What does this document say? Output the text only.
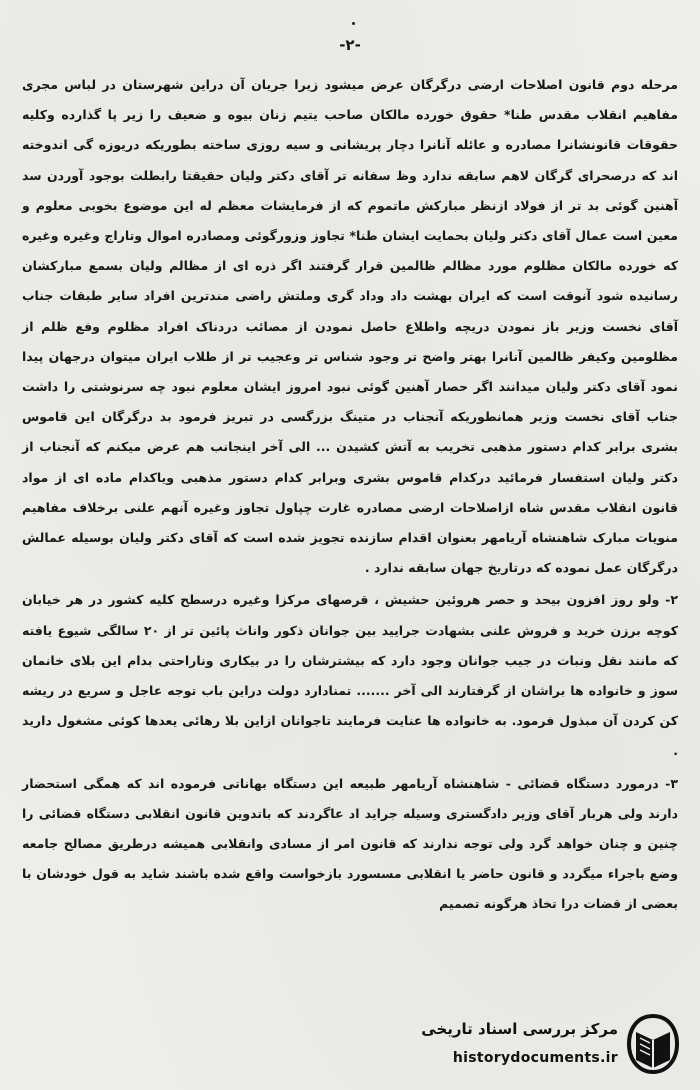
-۲-

مرحله دوم قانون اصلاحات ارضی درگرگان عرض میشود زیرا جریان آن دراین شهرستان در لباس مجری مفاهیم انقلاب مقدس طنا* حقوق خورده مالکان صاحب یتیم زنان بیوه و ضعیف را زیر پا گذارده وکلیه حقوقات قانونشانرا مصادره و عائله آنانرا دچار پریشانی و سیه روزی ساخته بطوریکه دریوزه گی اندوخته اند که درصحرای گرگان لاهم سابقه ندارد وظ سفانه تر آقای دکتر ولیان حقیقتا رابطلت بوجود آوردن سد آهنین گوئی بد تر از فولاد ازنظر مبارکش ماتموم که از فرمایشات معظم له این موضوع بخوبی معلوم و معین است عمال آقای دکتر ولیان بحمایت ایشان طنا* تجاوز وزورگوئی ومصادره اموال وتاراج وغیره وغیره که خورده مالکان مظلوم مورد مظالم ظالمین قرار گرفتند اگر ذره ای از مظالم ولیان بسمع مبارکشان رسانیده شود آنوقت است که ایران بهشت داد وداد گری وملتش راضی مندترین افراد سایر طبقات جناب آقای نخست وزیر باز نمودن دریچه واطلاع حاصل نمودن از مصائب دردناک افراد مظلوم وفع ظلم از مظلومین وکیفر ظالمین آنانرا بهتر واضح تر وجود شناس تر وعجیب تر از طلاب ایران میتوان درجهان پیدا نمود آقای دکتر ولیان میدانند اگر حصار آهنین گوئی نبود امروز ایشان معلوم نبود چه سرنوشتی را داشت جناب آقای نخست وزیر همانطوریکه آنجناب در متینگ بزرگسی در تبریز فرمود بد درگرگان این قاموس بشری برابر کدام دستور مذهبی تخریب به آتش کشیدن ... الی آخر اینجانب هم عرض میکنم که آنجناب از دکتر ولیان استفسار فرمائید درکدام قاموس بشری وبرابر کدام دستور مذهبی ویاکدام ماده ای از مواد قانون انقلاب مقدس شاه ازاصلاحات ارضی مصادره غارت چپاول تجاوز وغیره آنهم علنی برخلاف مفاهیم منویات مبارک شاهنشاه آریامهر بعنوان اقدام سازنده تجویز شده است که آقای دکتر ولیان بوسیله عمالش درگرگان عمل نموده که درتاریخ جهان سابقه ندارد .

۲- ولو روز افزون بیحد و حصر هروئین حشیش ، قرصهای مرکزا وغیره درسطح کلیه کشور در هر خیابان کوچه برزن خرید و فروش علنی بشهادت جرایید بین جوانان ذکور واناث پائین تر از ۲۰ سالگی شیوع یافته که مانند نقل ونبات در جیب جوانان وجود دارد که بیشترشان را در بیکاری وناراحتی بدام این بلای خانمان سوز و خانواده ها براشان از گرفتارند الی آخر ....... تمنادارد دولت دراین باب توجه عاجل و سریع در ریشه کن کردن آن مبذول فرمود. به خانواده ها عنایت فرمایند تاجوانان ازاین بلا رهائی یعدها کوئی مشغول دارید .

۳- درمورد دستگاه قضائی - شاهنشاه آریامهر طبیعه این دستگاه بهاناتی فرموده اند که همگی استحضار دارند ولی هربار آقای وزیر دادگستری وسیله جراید اد عاگردند که باتدوین قانون انقلابی دستگاه قضائی را چنین و چنان خواهد گرد ولی توجه ندارند که قانون امر از مسادی وانقلابی همیشه درطریق مصالح جامعه وضع باجراء میگردد و قانون حاضر یا انقلابی مسسورد بازخواست واقع شده باشند شاید به قول خودشان با بعضی از قضات درا تخاذ هرگونه تصمیم

مرکز بررسی اسناد تاریخی
historydocuments.ir
